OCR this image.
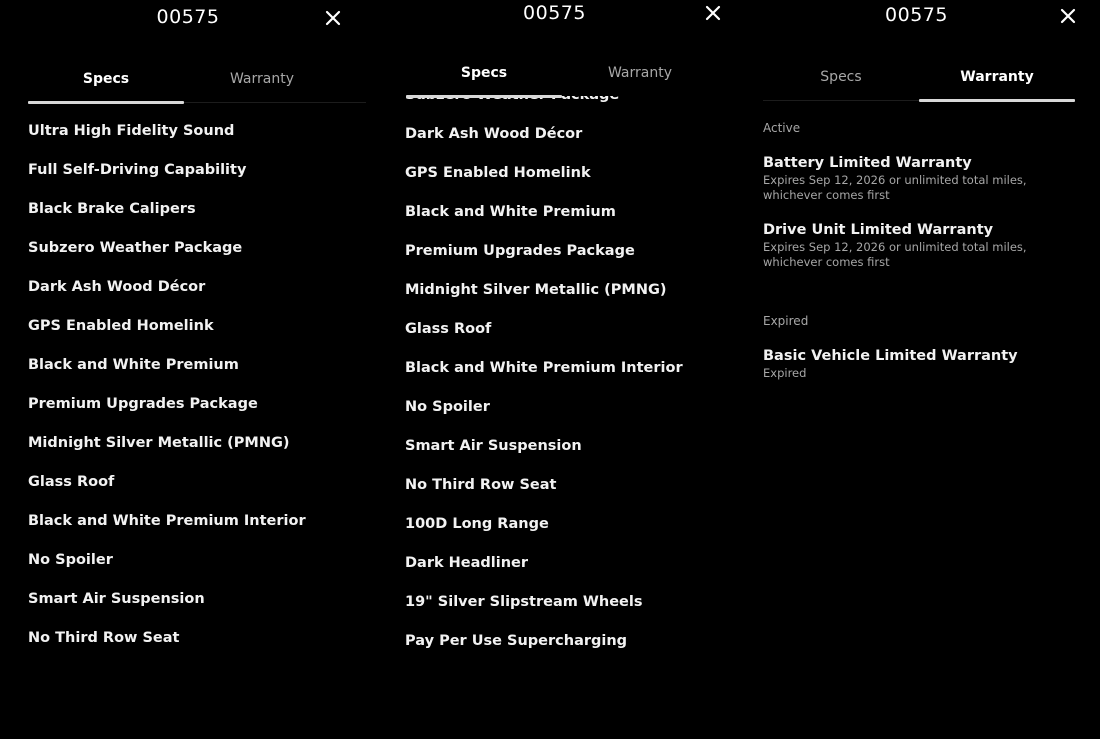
00575
Specs	Warranty
Ultra High Fidelity Sound
Full Self-Driving Capability
Black Brake Calipers
Subzero Weather Package
Dark Ash Wood Décor
GPS Enabled Homelink
Black and White Premium
Premium Upgrades Package
Midnight Silver Metallic (PMNG)
Glass Roof
Black and White Premium Interior
No Spoiler
Smart Air Suspension
No Third Row Seat
Dark Ash Wood Décor
GPS Enabled Homelink
Black and White Premium
Premium Upgrades Package
Midnight Silver Metallic (PMNG)
Glass Roof
Black and White Premium Interior
No Spoiler
Smart Air Suspension
No Third Row Seat
100D Long Range
Dark Headliner
19" Silver Slipstream Wheels
Pay Per Use Supercharging
00575
Specs	Warranty
00575
Specs	Warranty
Active
Battery Limited Warranty
Expires Sep 12, 2026 or unlimited total miles, whichever comes first
Drive Unit Limited Warranty
Expires Sep 12, 2026 or unlimited total miles, whichever comes first
Expired
Basic Vehicle Limited Warranty
Expired
